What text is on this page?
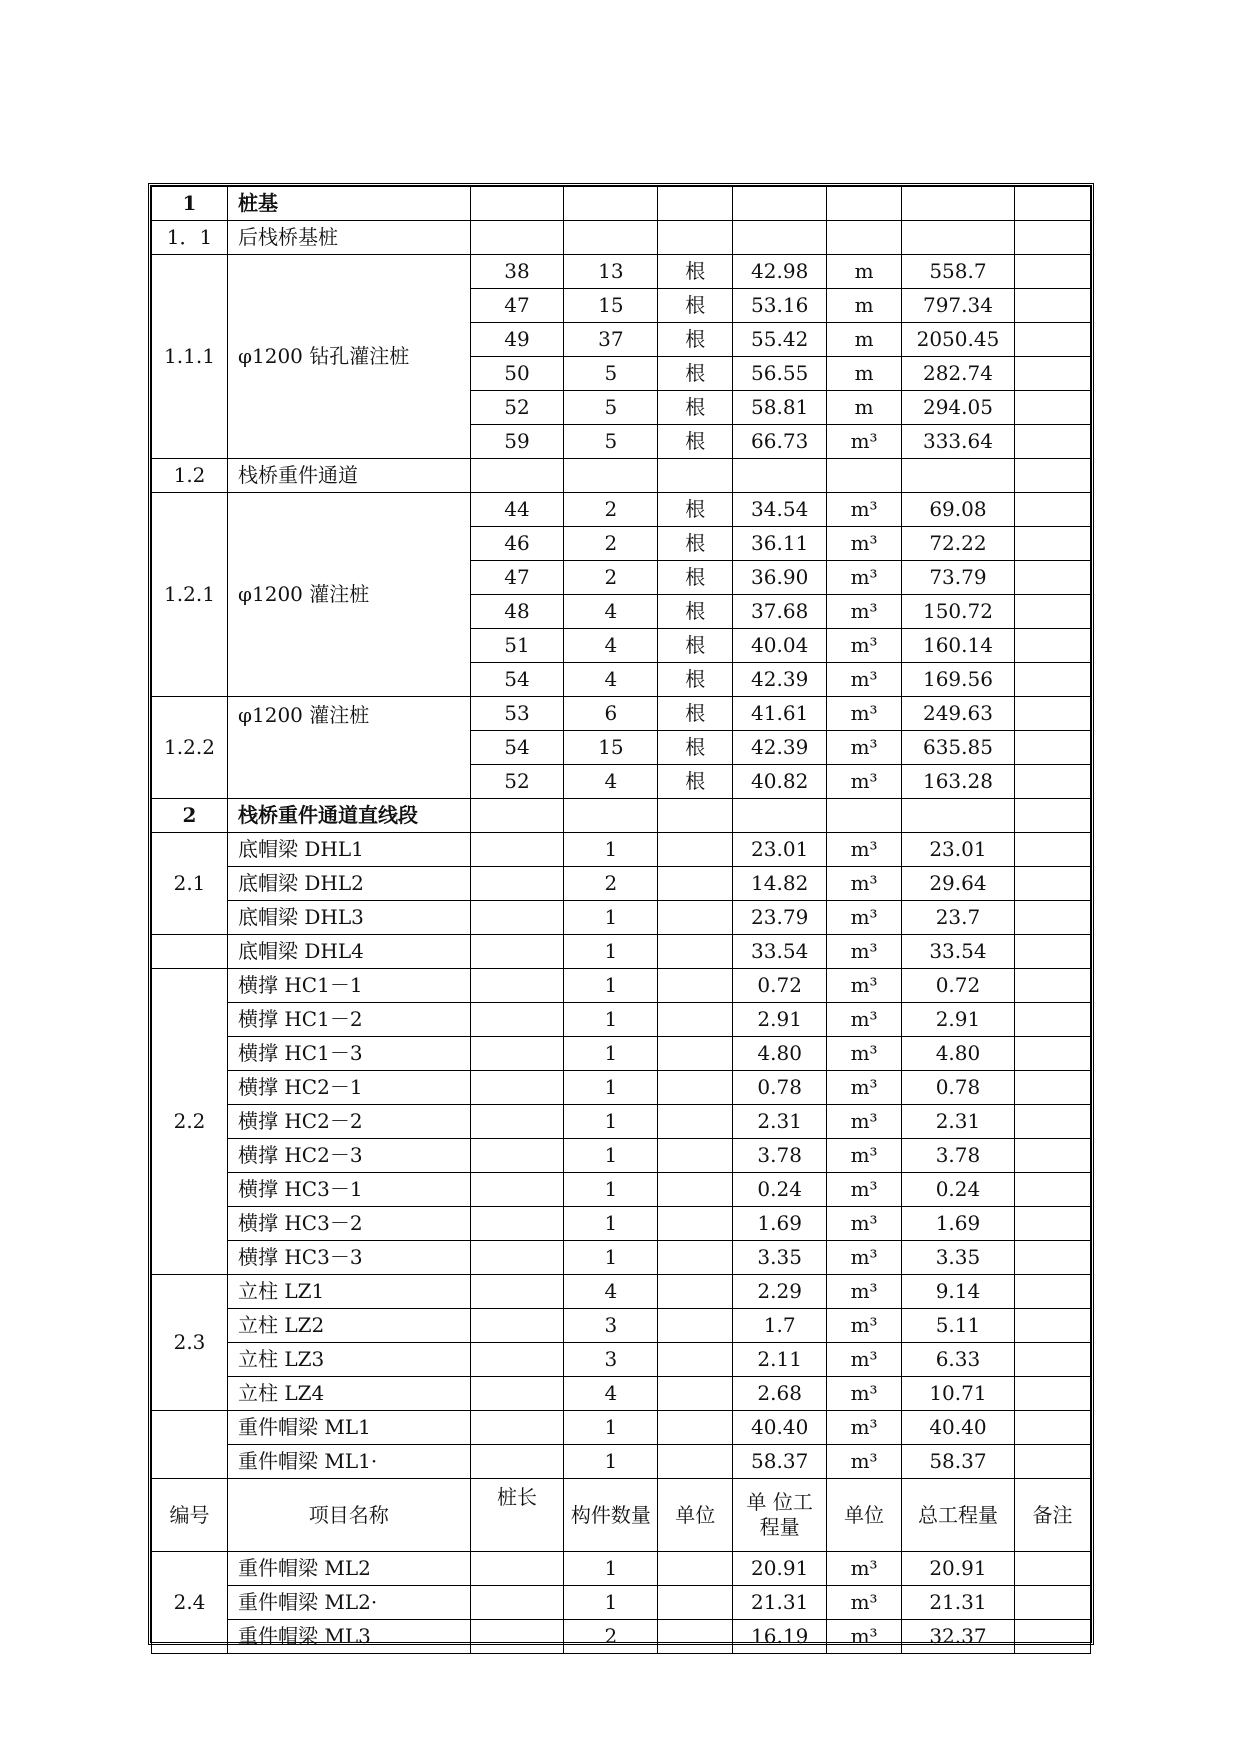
1	桩基							
1．1	后栈桥基桩							
1.1.1	φ1200 钻孔灌注桩	38	13	根	42.98	m	558.7	
		47	15	根	53.16	m	797.34	
		49	37	根	55.42	m	2050.45	
		50	5	根	56.55	m	282.74	
		52	5	根	58.81	m	294.05	
		59	5	根	66.73	m³	333.64	
1.2	栈桥重件通道							
1.2.1	φ1200 灌注桩	44	2	根	34.54	m³	69.08	
		46	2	根	36.11	m³	72.22	
		47	2	根	36.90	m³	73.79	
		48	4	根	37.68	m³	150.72	
		51	4	根	40.04	m³	160.14	
		54	4	根	42.39	m³	169.56	
1.2.2	φ1200 灌注桩	53	6	根	41.61	m³	249.63	
		54	15	根	42.39	m³	635.85	
		52	4	根	40.82	m³	163.28	
2	栈桥重件通道直线段							
2.1	底帽梁 DHL1		1		23.01	m³	23.01	
	底帽梁 DHL2		2		14.82	m³	29.64	
	底帽梁 DHL3		1		23.79	m³	23.7	
	底帽梁 DHL4		1		33.54	m³	33.54	
2.2	横撑 HC1－1		1		0.72	m³	0.72	
	横撑 HC1－2		1		2.91	m³	2.91	
	横撑 HC1－3		1		4.80	m³	4.80	
	横撑 HC2－1		1		0.78	m³	0.78	
	横撑 HC2－2		1		2.31	m³	2.31	
	横撑 HC2－3		1		3.78	m³	3.78	
	横撑 HC3－1		1		0.24	m³	0.24	
	横撑 HC3－2		1		1.69	m³	1.69	
	横撑 HC3－3		1		3.35	m³	3.35	
2.3	立柱 LZ1		4		2.29	m³	9.14	
	立柱 LZ2		3		1.7	m³	5.11	
	立柱 LZ3		3		2.11	m³	6.33	
	立柱 LZ4		4		2.68	m³	10.71	
	重件帽梁 ML1		1		40.40	m³	40.40	
	重件帽梁 ML1·		1		58.37	m³	58.37	
编号	项目名称	桩长	构件数量	单位	单 位工程量	单位	总工程量	备注
2.4	重件帽梁 ML2		1		20.91	m³	20.91	
	重件帽梁 ML2·		1		21.31	m³	21.31	
	重件帽梁 ML3		2		16.19	m³	32.37	
